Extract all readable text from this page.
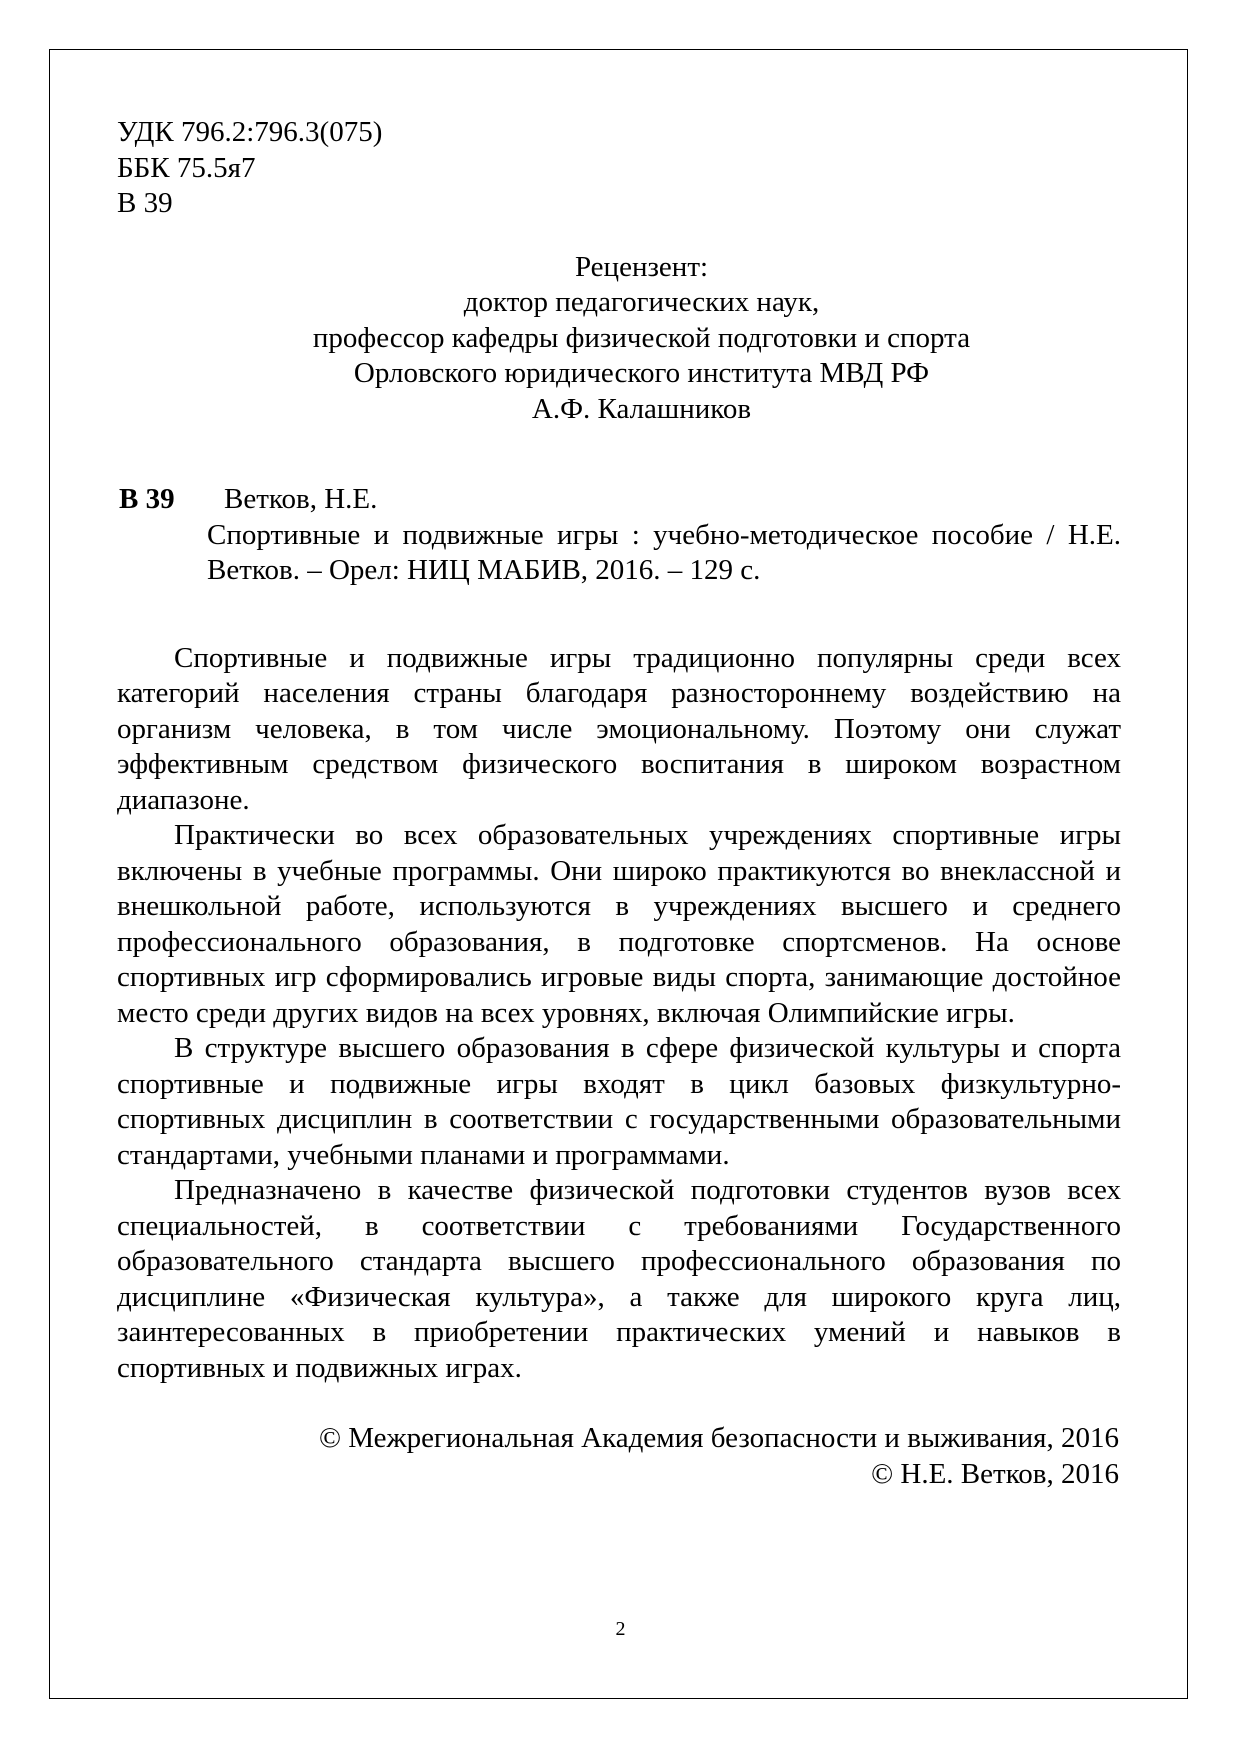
УДК 796.2:796.3(075)
ББК 75.5я7
В 39
Рецензент:
доктор педагогических наук,
профессор кафедры физической подготовки и спорта
Орловского юридического института МВД РФ
А.Ф. Калашников
В 39	Ветков, Н.Е.
Спортивные и подвижные игры : учебно-методическое пособие / Н.Е. Ветков. – Орел: НИЦ МАБИВ, 2016. – 129 с.

Спортивные и подвижные игры традиционно популярны среди всех категорий населения страны благодаря разностороннему воздействию на организм человека, в том числе эмоциональному. Поэтому они служат эффективным средством физического воспитания в широком возрастном диапазоне.

Практически во всех образовательных учреждениях спортивные игры включены в учебные программы. Они широко практикуются во внеклассной и внешкольной работе, используются в учреждениях высшего и среднего профессионального образования, в подготовке спортсменов. На основе спортивных игр сформировались игровые виды спорта, занимающие достойное место среди других видов на всех уровнях, включая Олимпийские игры.

В структуре высшего образования в сфере физической культуры и спорта спортивные и подвижные игры входят в цикл базовых физкультурно-спортивных дисциплин в соответствии с государственными образовательными стандартами, учебными планами и программами.

Предназначено в качестве физической подготовки студентов вузов всех специальностей, в соответствии с требованиями Государственного образовательного стандарта высшего профессионального образования по дисциплине «Физическая культура», а также для широкого круга лиц, заинтересованных в приобретении практических умений и навыков в спортивных и подвижных играх.

© Межрегиональная Академия безопасности и выживания, 2016
© Н.Е. Ветков, 2016
2
